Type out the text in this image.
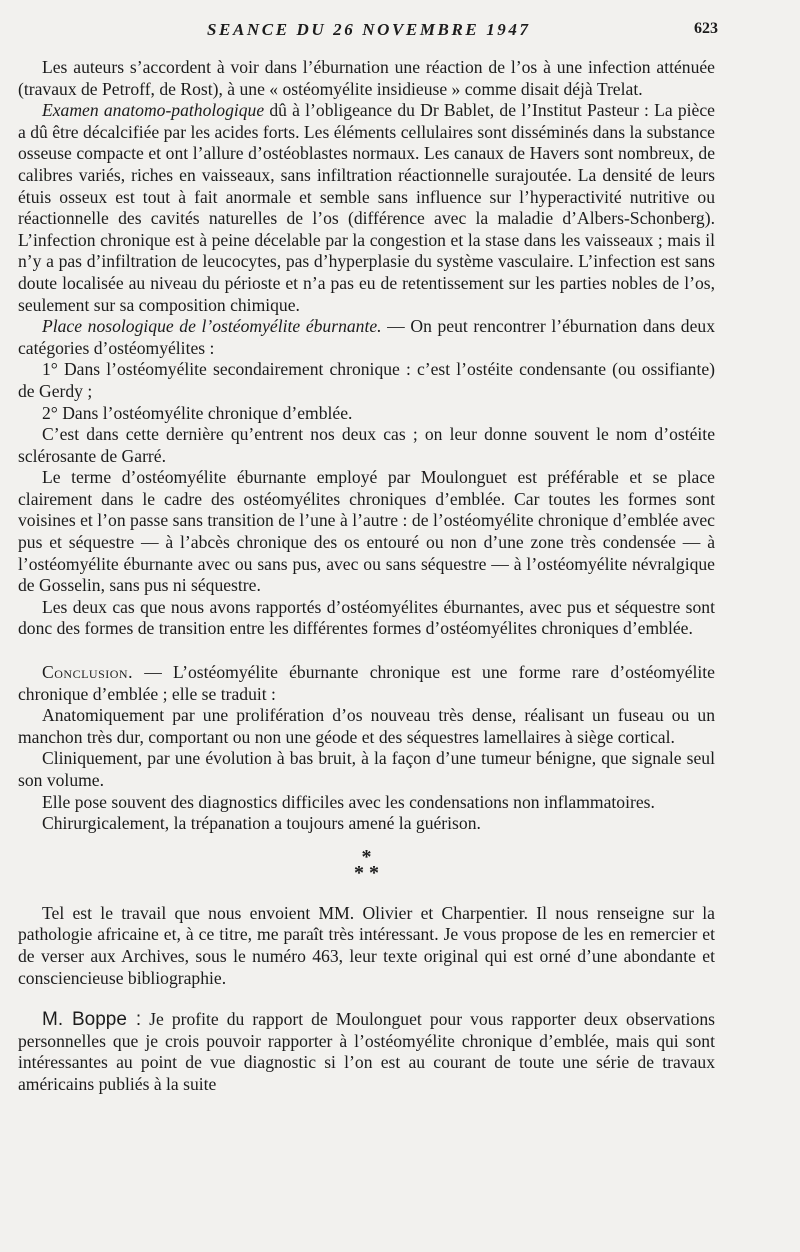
SEANCE DU 26 NOVEMBRE 1947	623

Les auteurs s’accordent à voir dans l’éburnation une réaction de l’os à une infection atténuée (travaux de Petroff, de Rost), à une « ostéomyélite insidieuse » comme disait déjà Trelat.

Examen anatomo-pathologique dû à l’obligeance du Dr Bablet, de l’Institut Pasteur : La pièce a dû être décalcifiée par les acides forts. Les éléments cellulaires sont disséminés dans la substance osseuse compacte et ont l’allure d’ostéoblastes normaux. Les canaux de Havers sont nombreux, de calibres variés, riches en vaisseaux, sans infiltration réactionnelle surajoutée. La densité de leurs étuis osseux est tout à fait anormale et semble sans influence sur l’hyperactivité nutritive ou réactionnelle des cavités naturelles de l’os (différence avec la maladie d’Albers-Schonberg). L’infection chronique est à peine décelable par la congestion et la stase dans les vaisseaux ; mais il n’y a pas d’infiltration de leucocytes, pas d’hyperplasie du système vasculaire. L’infection est sans doute localisée au niveau du périoste et n’a pas eu de retentissement sur les parties nobles de l’os, seulement sur sa composition chimique.

Place nosologique de l’ostéomyélite éburnante. — On peut rencontrer l’éburnation dans deux catégories d’ostéomyélites :

1° Dans l’ostéomyélite secondairement chronique : c’est l’ostéite condensante (ou ossifiante) de Gerdy ;

2° Dans l’ostéomyélite chronique d’emblée.

C’est dans cette dernière qu’entrent nos deux cas ; on leur donne souvent le nom d’ostéite sclérosante de Garré.

Le terme d’ostéomyélite éburnante employé par Moulonguet est préférable et se place clairement dans le cadre des ostéomyélites chroniques d’emblée. Car toutes les formes sont voisines et l’on passe sans transition de l’une à l’autre : de l’ostéomyélite chronique d’emblée avec pus et séquestre — à l’abcès chronique des os entouré ou non d’une zone très condensée — à l’ostéomyélite éburnante avec ou sans pus, avec ou sans séquestre — à l’ostéomyélite névralgique de Gosselin, sans pus ni séquestre.

Les deux cas que nous avons rapportés d’ostéomyélites éburnantes, avec pus et séquestre sont donc des formes de transition entre les différentes formes d’ostéomyélites chroniques d’emblée.

Conclusion. — L’ostéomyélite éburnante chronique est une forme rare d’ostéomyélite chronique d’emblée ; elle se traduit :

Anatomiquement par une prolifération d’os nouveau très dense, réalisant un fuseau ou un manchon très dur, comportant ou non une géode et des séquestres lamellaires à siège cortical.

Cliniquement, par une évolution à bas bruit, à la façon d’une tumeur bénigne, que signale seul son volume.

Elle pose souvent des diagnostics difficiles avec les condensations non inflammatoires.

Chirurgicalement, la trépanation a toujours amené la guérison.

*
* *

Tel est le travail que nous envoient MM. Olivier et Charpentier. Il nous renseigne sur la pathologie africaine et, à ce titre, me paraît très intéressant. Je vous propose de les en remercier et de verser aux Archives, sous le numéro 463, leur texte original qui est orné d’une abondante et consciencieuse bibliographie.

M. Boppe : Je profite du rapport de Moulonguet pour vous rapporter deux observations personnelles que je crois pouvoir rapporter à l’ostéomyélite chronique d’emblée, mais qui sont intéressantes au point de vue diagnostic si l’on est au courant de toute une série de travaux américains publiés à la suite
